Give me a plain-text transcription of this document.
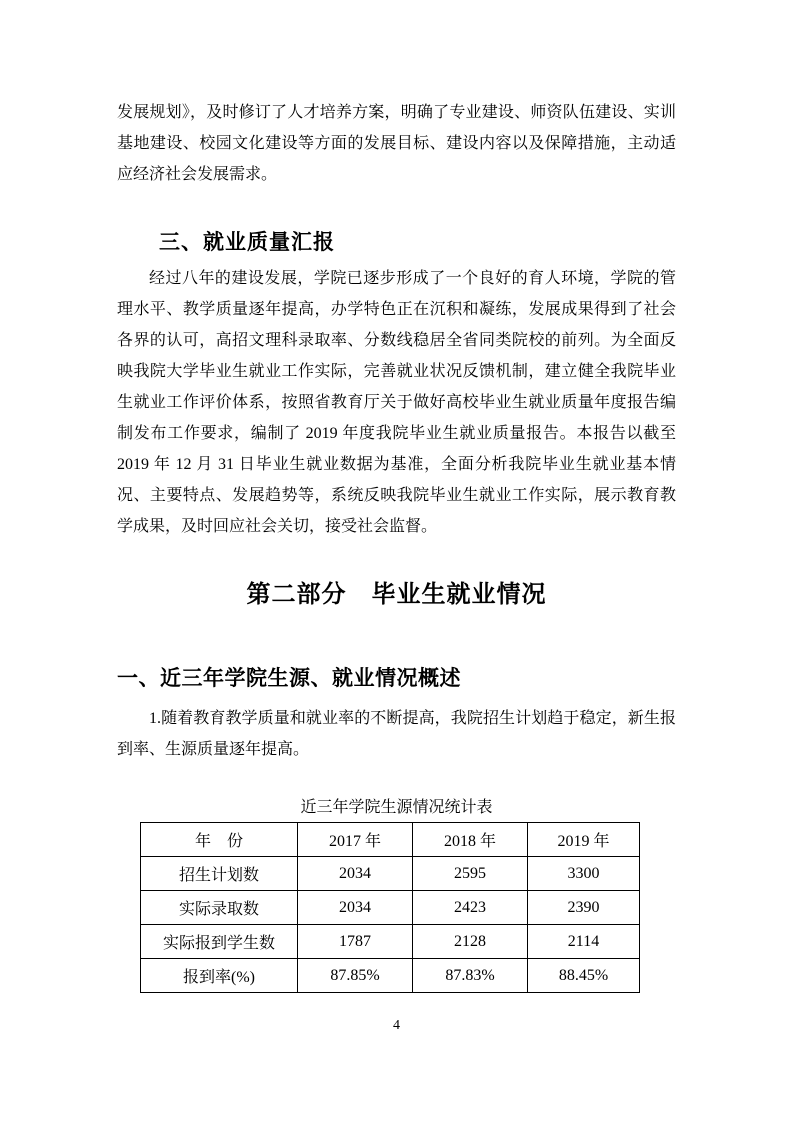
发展规划》，及时修订了人才培养方案，明确了专业建设、师资队伍建设、实训基地建设、校园文化建设等方面的发展目标、建设内容以及保障措施，主动适应经济社会发展需求。

三、就业质量汇报

经过八年的建设发展，学院已逐步形成了一个良好的育人环境，学院的管理水平、教学质量逐年提高，办学特色正在沉积和凝练，发展成果得到了社会各界的认可，高招文理科录取率、分数线稳居全省同类院校的前列。为全面反映我院大学毕业生就业工作实际，完善就业状况反馈机制，建立健全我院毕业生就业工作评价体系，按照省教育厅关于做好高校毕业生就业质量年度报告编制发布工作要求，编制了 2019 年度我院毕业生就业质量报告。本报告以截至 2019 年 12 月 31 日毕业生就业数据为基准，全面分析我院毕业生就业基本情况、主要特点、发展趋势等，系统反映我院毕业生就业工作实际，展示教育教学成果，及时回应社会关切，接受社会监督。

第二部分　毕业生就业情况
一、近三年学院生源、就业情况概述

1.随着教育教学质量和就业率的不断提高，我院招生计划趋于稳定，新生报到率、生源质量逐年提高。

近三年学院生源情况统计表
年　份	2017 年	2018 年	2019 年
招生计划数	2034	2595	3300
实际录取数	2034	2423	2390
实际报到学生数	1787	2128	2114
报到率(%)	87.85%	87.83%	88.45%
4
